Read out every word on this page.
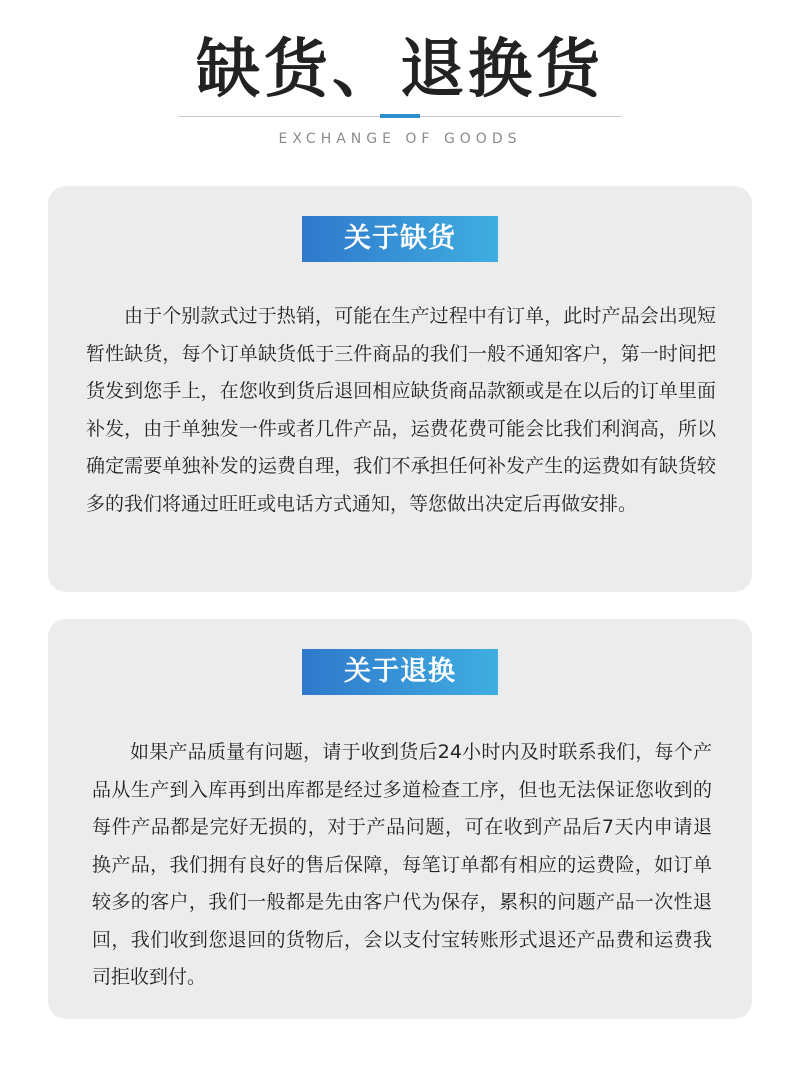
缺货、退换货
EXCHANGE OF GOODS
关于缺货

由于个别款式过于热销，可能在生产过程中有订单，此时产品会出现短暂性缺货，每个订单缺货低于三件商品的我们一般不通知客户，第一时间把货发到您手上，在您收到货后退回相应缺货商品款额或是在以后的订单里面补发，由于单独发一件或者几件产品，运费花费可能会比我们利润高，所以确定需要单独补发的运费自理，我们不承担任何补发产生的运费如有缺货较多的我们将通过旺旺或电话方式通知，等您做出决定后再做安排。

关于退换

如果产品质量有问题，请于收到货后24小时内及时联系我们，每个产品从生产到入库再到出库都是经过多道检查工序，但也无法保证您收到的每件产品都是完好无损的，对于产品问题，可在收到产品后7天内申请退换产品，我们拥有良好的售后保障，每笔订单都有相应的运费险，如订单较多的客户，我们一般都是先由客户代为保存，累积的问题产品一次性退回，我们收到您退回的货物后，会以支付宝转账形式退还产品费和运费我司拒收到付。
